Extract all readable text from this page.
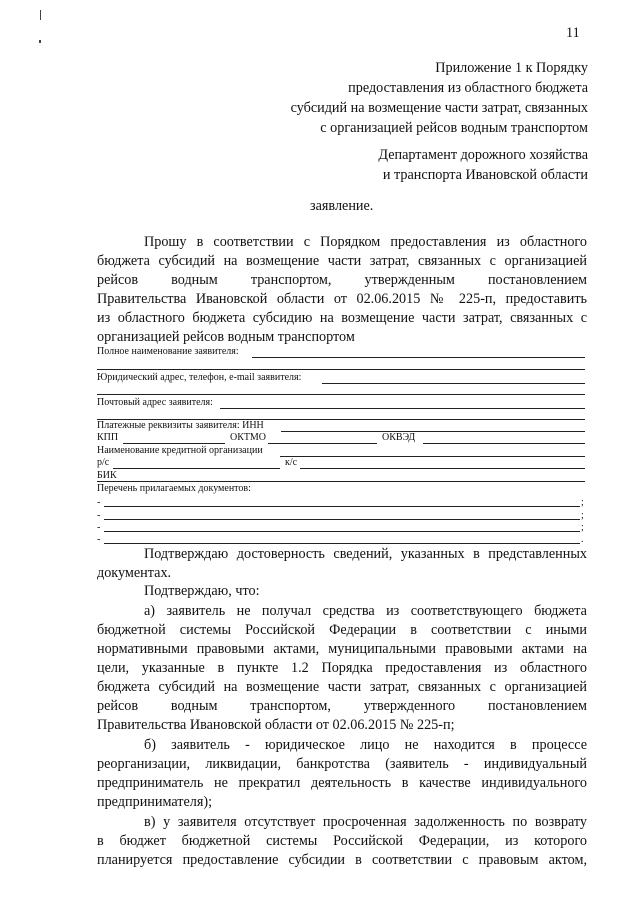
11
Приложение 1 к Порядку
предоставления из областного бюджета
субсидий на возмещение части затрат, связанных
с организацией рейсов водным транспортом
Департамент дорожного хозяйства
и транспорта Ивановской области
заявление.
Прошу в соответствии с Порядком предоставления из областного
бюджета субсидий на возмещение части затрат, связанных с организацией
рейсов водным транспортом, утвержденным постановлением
Правительства Ивановской области от 02.06.2015 № 225-п, предоставить
из областного бюджета субсидию на возмещение части затрат, связанных с
организацией рейсов водным транспортом
Полное наименование заявителя:
Юридический адрес, телефон, e-mail заявителя:
Почтовый адрес заявителя:
Платежные реквизиты заявителя: ИНН
КПП	ОКТМО	ОКВЭД
Наименование кредитной организации
р/с	к/с
БИК
Перечень прилагаемых документов:
-	;
-	;
-	;
-	.
Подтверждаю достоверность сведений, указанных в представленных
документах.
Подтверждаю, что:
а) заявитель не получал средства из соответствующего бюджета
бюджетной системы Российской Федерации в соответствии с иными
нормативными правовыми актами, муниципальными правовыми актами на
цели, указанные в пункте 1.2 Порядка предоставления из областного
бюджета субсидий на возмещение части затрат, связанных с организацией
рейсов водным транспортом, утвержденного постановлением
Правительства Ивановской области от 02.06.2015 № 225-п;
б) заявитель - юридическое лицо не находится в процессе
реорганизации, ликвидации, банкротства (заявитель - индивидуальный
предприниматель не прекратил деятельность в качестве индивидуального
предпринимателя);
в) у заявителя отсутствует просроченная задолженность по возврату
в бюджет бюджетной системы Российской Федерации, из которого
планируется предоставление субсидии в соответствии с правовым актом,
